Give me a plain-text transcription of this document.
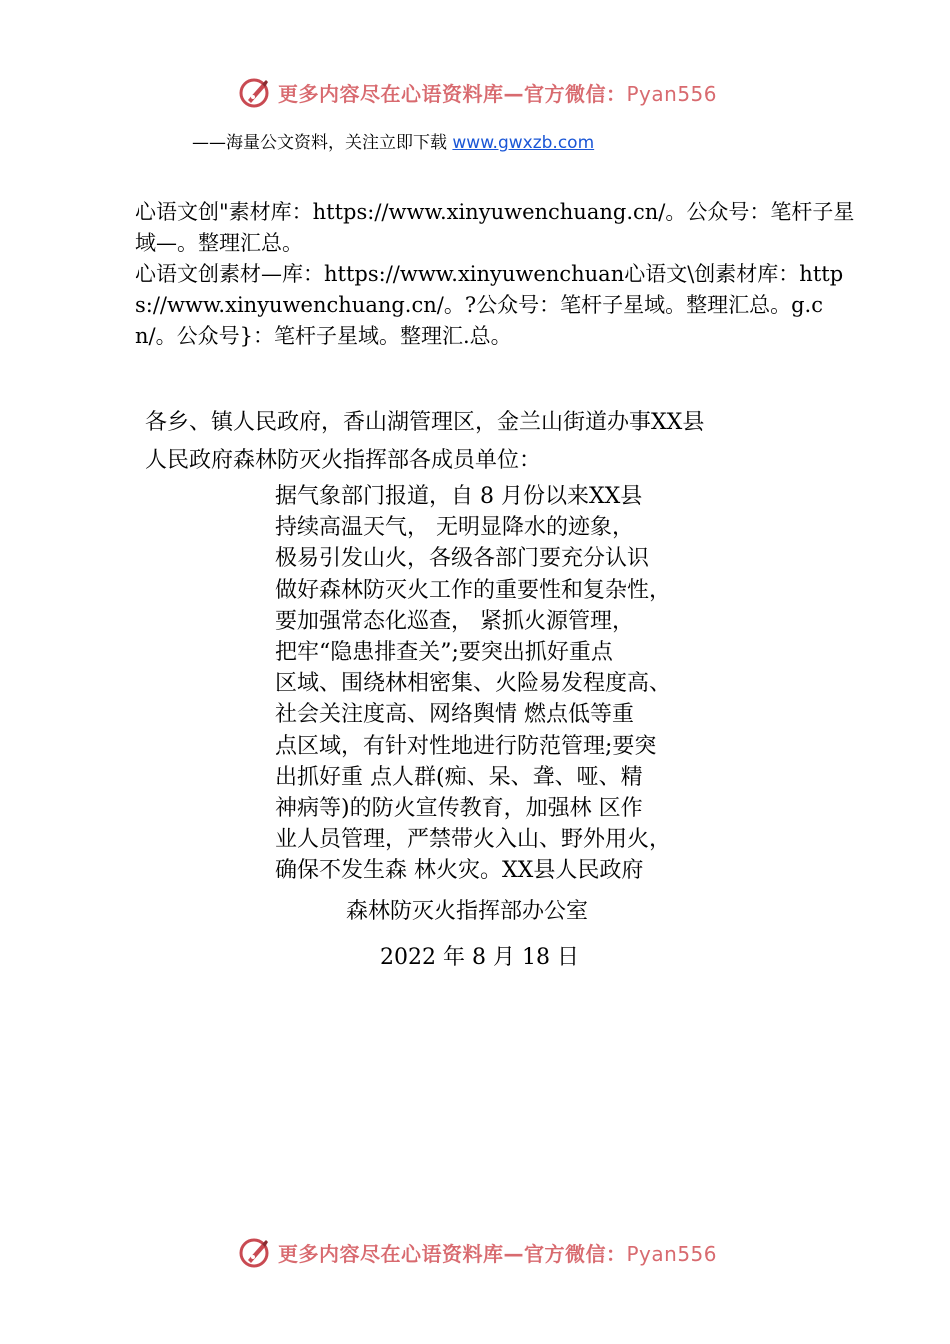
更多内容尽在心语资料库—官方微信：Pyan556
——海量公文资料，关注立即下载 www.gwxzb.com

心语文创"素材库：https://www.xinyuwenchuang.cn/。公众号：笔杆子星域—。整理汇总。

心语文创素材—库：https://www.xinyuwenchuan心语文\创素材库：https://www.xinyuwenchuang.cn/。?公众号：笔杆子星域。整理汇总。g.cn/。公众号}：笔杆子星域。整理汇.总。

各乡、镇人民政府，香山湖管理区，金兰山街道办事XX县

人民政府森林防灭火指挥部各成员单位：

据气象部门报道，自 8 月份以来XX县
持续高温天气， 无明显降水的迹象，
极易引发山火，各级各部门要充分认识
做好森林防灭火工作的重要性和复杂性，
要加强常态化巡查， 紧抓火源管理，
把牢“隐患排查关”;要突出抓好重点
区域、围绕林相密集、火险易发程度高、
社会关注度高、网络舆情 燃点低等重
点区域，有针对性地进行防范管理;要突
出抓好重 点人群(痴、呆、聋、哑、精
神病等)的防火宣传教育，加强林 区作
业人员管理，严禁带火入山、野外用火，
确保不发生森 林火灾。XX县人民政府
森林防灭火指挥部办公室
2022 年 8 月 18 日
更多内容尽在心语资料库—官方微信：Pyan556
